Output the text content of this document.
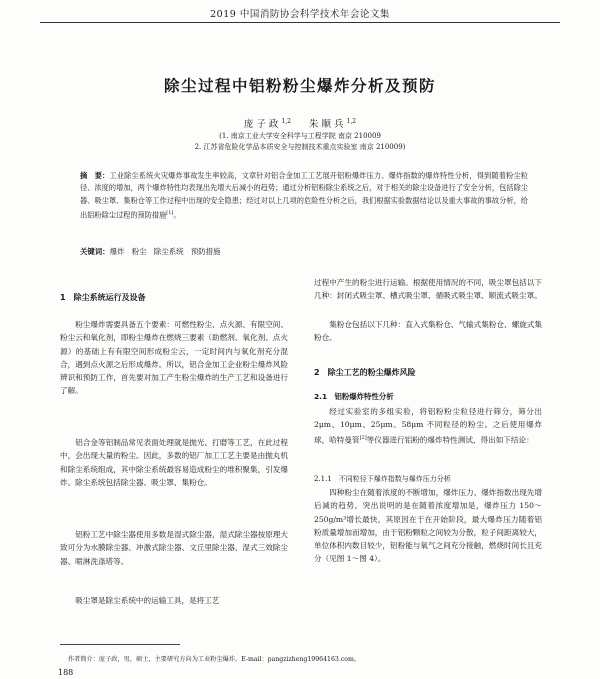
2019 中国消防协会科学技术年会论文集
除尘过程中铝粉粉尘爆炸分析及预防
庞子政$^{1,2}$ 朱顺兵$^{1,2}$
(1. 南京工业大学安全科学与工程学院 南京 210009
2. 江苏省危险化学品本质安全与控制技术重点实验室 南京 210009)

摘　要：工业除尘系统火灾爆炸事故发生率较高，文章针对铝合金加工工艺展开铝粉爆炸压力、爆炸指数的爆炸特性分析，得到随着粉尘粒径、浓度的增加，两个爆炸特性均表现出先增大后减小的趋势；通过分析铝粉除尘系统之后，对于相关的除尘设备进行了安全分析，包括除尘器、吸尘罩、集粉仓等工作过程中出现的安全隐患；经过对以上几项的危险性分析之后，我们根据实验数据结论以及重大事故的事故分析，给出铝粉除尘过程的预防措施[1]。

关键词：爆炸　粉尘　除尘系统　预防措施
1　除尘系统运行及设备

粉尘爆炸需要具备五个要素：可燃性粉尘、点火源、有限空间、粉尘云和氧化剂，即粉尘爆炸在燃烧三要素（助燃剂、氧化剂、点火源）的基础上有有限空间形成粉尘云，一定时间内与氧化剂充分混合，遇到点火源之后形成爆炸。所以，铝合金加工企业粉尘爆炸风险辨识和预防工作，首先要对加工产生粉尘爆炸的生产工艺和设备进行了解。

铝合金等铝制品常见表面处理就是抛光、打磨等工艺，在此过程中，会出现大量的粉尘。因此，多数的铝厂加工工艺主要是由抛丸机和除尘系统组成，其中除尘系统最容易造成粉尘的堆积聚集，引发爆炸。除尘系统包括除尘器、吸尘罩、集粉仓。

铝粉工艺中除尘器使用多数是湿式除尘器，湿式除尘器按原理大致可分为水膜除尘器、冲激式除尘器、文丘里除尘器、湿式三效除尘器、喷淋洗涤塔等。

吸尘罩是除尘系统中的运输工具，是将工艺

过程中产生的粉尘进行运输。根据使用情况的不同，吸尘罩包括以下几种：封闭式吸尘罩、槽式吸尘罩、循吸式吸尘罩、顺流式吸尘罩。

集粉仓包括以下几种：直入式集粉仓、气输式集粉仓、螺旋式集粉仓。

2　除尘工艺的粉尘爆炸风险
2.1　铝粉爆炸特性分析

经过实验室的多组实验，将铝粉粉尘粒径进行筛分，筛分出 2μm、10μm、25μm、58μm 不同粒径的粉尘。之后使用爆炸球，哈特曼管[2]等仪器进行铝粉的爆炸特性测试，得出如下结论：

2.1.1　不同粒径下爆炸指数与爆炸压力分析

四种粉尘在随着浓度的不断增加，爆炸压力、爆炸指数出现先增后减的趋势。突出说明的是在随着浓度增加是，爆炸压力 150～250g/m³增长最快，其原因在于在开始阶段，最大爆炸压力随着铝粉质量增加而增加，由于铝粉颗粒之间较为分散，粒子间距离较大，单位体积内数目较少，铝粉能与氧气之间充分接触，燃烧时间长且充分（见图 1～图 4）。

作者简介：庞子政，男，硕士，主要研究方向为工业粉尘爆炸。E-mail：pangzizheng19964163.com。
188
